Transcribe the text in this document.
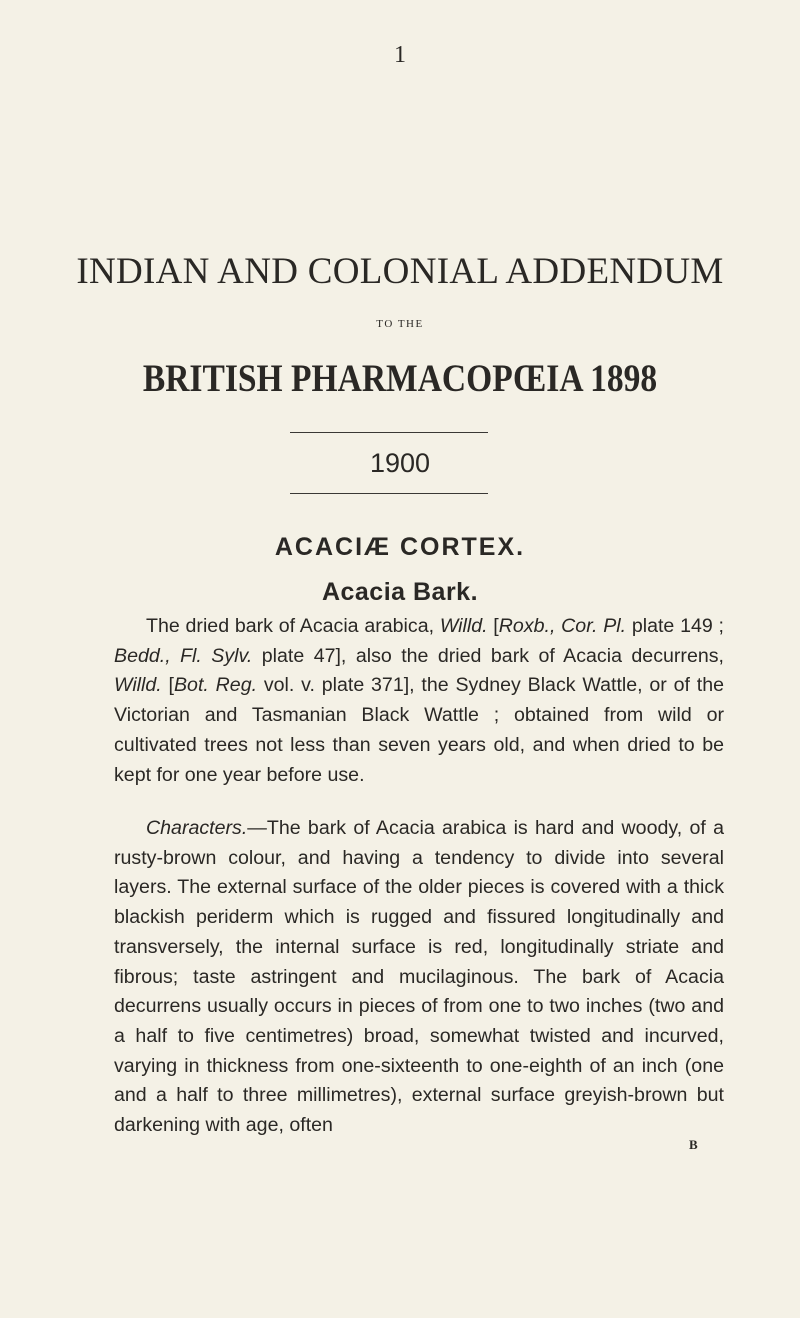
1
INDIAN AND COLONIAL ADDENDUM
TO THE
BRITISH PHARMACOPŒIA 1898
1900
ACACIÆ CORTEX.
Acacia Bark.

The dried bark of Acacia arabica, Willd. [Roxb., Cor. Pl. plate 149 ; Bedd., Fl. Sylv. plate 47], also the dried bark of Acacia decurrens, Willd. [Bot. Reg. vol. v. plate 371], the Sydney Black Wattle, or of the Victorian and Tasmanian Black Wattle ; obtained from wild or cultivated trees not less than seven years old, and when dried to be kept for one year before use.

Characters.—The bark of Acacia arabica is hard and woody, of a rusty-brown colour, and having a tendency to divide into several layers. The external surface of the older pieces is covered with a thick blackish periderm which is rugged and fissured longitudinally and transversely, the internal surface is red, longitudinally striate and fibrous; taste astringent and mucilaginous. The bark of Acacia decurrens usually occurs in pieces of from one to two inches (two and a half to five centimetres) broad, somewhat twisted and incurved, varying in thickness from one-sixteenth to one-eighth of an inch (one and a half to three millimetres), external surface greyish-brown but darkening with age, often

B
